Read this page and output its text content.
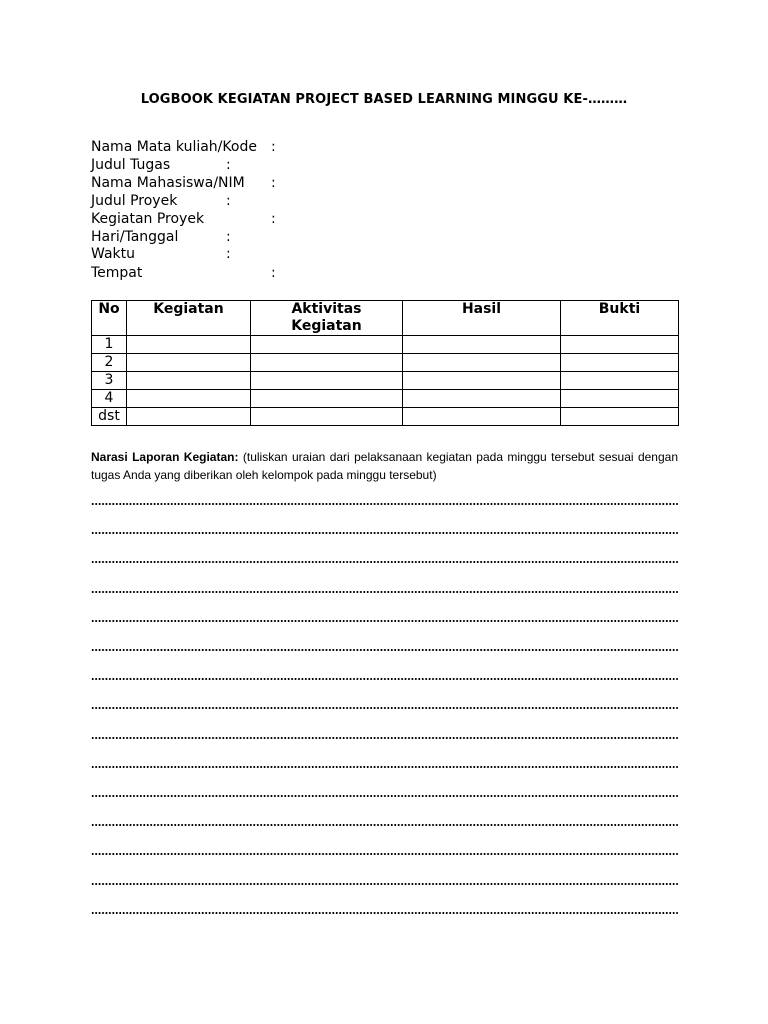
LOGBOOK KEGIATAN PROJECT BASED LEARNING MINGGU KE-………
Nama Mata kuliah/Kode :
Judul Tugas	:
Nama Mahasiswa/NIM :
Judul Proyek	:
Kegiatan Proyek	:
Hari/Tanggal	:
Waktu	:
Tempat	:
No	Kegiatan	Aktivitas Kegiatan	Hasil	Bukti
1				
2				
3				
4				
dst				
Narasi Laporan Kegiatan: (tuliskan uraian dari pelaksanaan kegiatan pada minggu tersebut sesuai dengan tugas Anda yang diberikan oleh kelompok pada minggu tersebut)
